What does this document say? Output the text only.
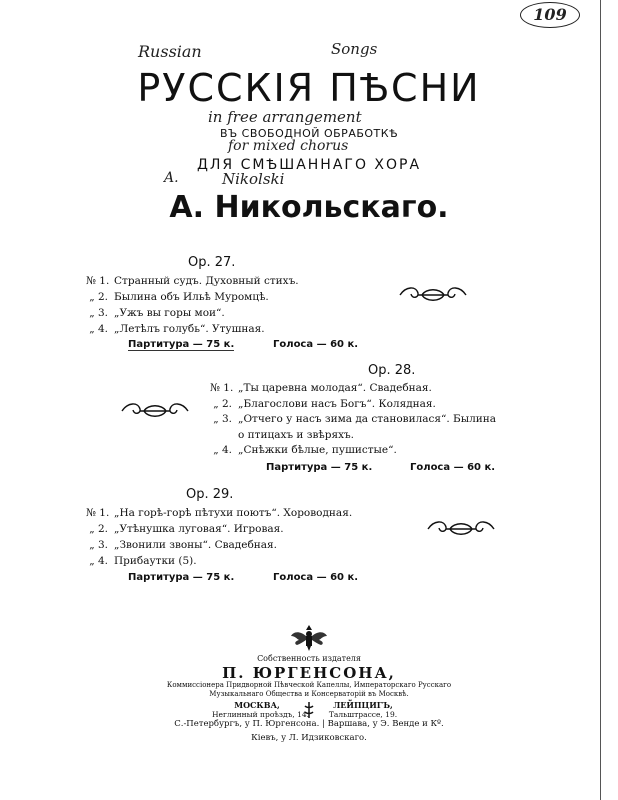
109
Russian	Songs
РУССКІЯ ПѢСНИ
in free arrangement
ВЪ СВОБОДНОЙ ОБРАБОТКѢ
for mixed chorus
ДЛЯ СМѢШАННАГО ХОРА
A.	Nikolski
А. Никольскаго.
Op. 27.
№ 1. Странный судъ. Духовный стихъ.
„ 2. Былина объ Ильѣ Муромцѣ.
„ 3. „Ужъ вы горы мои“.
„ 4. „Летѣлъ голубь“. Утушная.
Партитура — 75 к.	Голоса — 60 к.
Op. 28.
№ 1. „Ты царевна молодая“. Свадебная.
„ 2. „Благослови насъ Богъ“. Колядная.
„ 3. „Отчего у насъ зима да становилася“. Былина
о птицахъ и звѣряхъ.
„ 4. „Снѣжки бѣлые, пушистые“.
Партитура — 75 к.	Голоса — 60 к.
Op. 29.
№ 1. „На горѣ-горѣ пѣтухи поютъ“. Хороводная.
„ 2. „Утѣнушка луговая“. Игровая.
„ 3. „Звонили звоны“. Свадебная.
„ 4. Прибаутки (5).
Партитура — 75 к.	Голоса — 60 к.
Собственность издателя
П. ЮРГЕНСОНА,
Коммиссіонера Придворной Пѣвческой Капеллы, Императорскаго Русскаго
Музыкальнаго Общества и Консерваторій въ Москвѣ.
МОСКВА,
Неглинный проѣздъ, 14.
ЛЕЙПЦИГЪ,
Тальштрассе, 19.
С.-Петербургъ, у П. Юргенсона. | Варшава, у Э. Венде и Кº.
Кіевъ, у Л. Идзиковскаго.
